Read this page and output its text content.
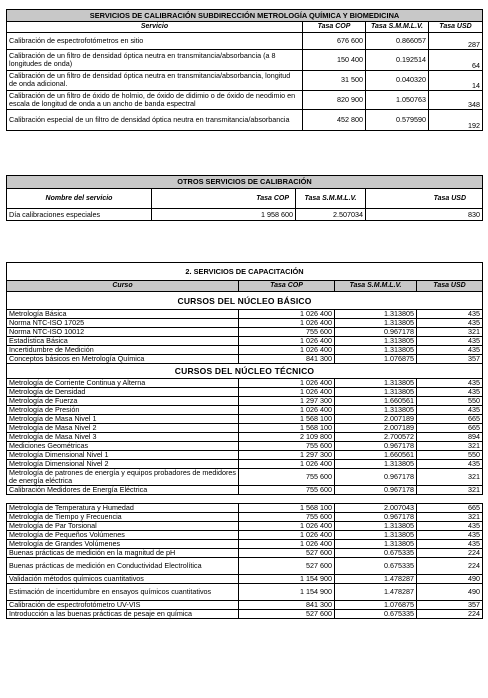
SERVICIOS DE CALIBRACIÓN SUBDIRECCIÓN METROLOGÍA QUÍMICA Y BIOMEDICINA			
Servicio	Tasa COP	Tasa S.M.M.L.V.	Tasa USD
Calibración de espectrofotómetros en sitio	676 600	0.866057	287
Calibración de un filtro de densidad óptica neutra en transmitancia/absorbancia (a 8 longitudes de onda)	150 400	0.192514	64
Calibración de un filtro de densidad óptica neutra en transmitancia/absorbancia, longitud de onda adicional.	31 500	0.040320	14
Calibración de un filtro de óxido de holmio, de óxido de didimio o de óxido de neodimio en escala de longitud de onda a un ancho de banda espectral	820 900	1.050763	348
Calibración especial de un filtro de densidad óptica neutra en transmitancia/absorbancia	452 800	0.579590	192
OTROS SERVICIOS DE CALIBRACIÓN			
Nombre del servicio	Tasa COP	Tasa S.M.M.L.V.	Tasa USD
Día calibraciones especiales	1 958 600	2.507034	830
2. SERVICIOS DE CAPACITACIÓN			
Curso	Tasa COP	Tasa S.M.M.L.V.	Tasa USD
CURSOS DEL NÚCLEO BÁSICO			
Metrología Básica	1 026 400	1.313805	435
Norma NTC-ISO 17025	1 026 400	1.313805	435
Norma NTC-ISO 10012	755 600	0.967178	321
Estadística Básica	1 026 400	1.313805	435
Incertidumbre de Medición	1 026 400	1.313805	435
Conceptos básicos en Metrología Química	841 300	1.076875	357
CURSOS DEL NÚCLEO TÉCNICO			
Metrología de Corriente Continua y Alterna	1 026 400	1.313805	435
Metrología de Densidad	1 026 400	1.313805	435
Metrología de Fuerza	1 297 300	1.660561	550
Metrología de Presión	1 026 400	1.313805	435
Metrología de Masa Nivel 1	1 568 100	2.007189	665
Metrología de Masa Nivel 2	1 568 100	2.007189	665
Metrología de Masa Nivel 3	2 109 800	2.700572	894
Mediciones Geométricas	755 600	0.967178	321
Metrología Dimensional Nivel 1	1 297 300	1.660561	550
Metrología Dimensional Nivel 2	1 026 400	1.313805	435
Metrología de patrones de energía y equipos probadores de medidores de energía eléctrica	755 600	0.967178	321
Calibración Medidores de Energía Eléctrica	755 600	0.967178	321

Metrología de Temperatura y Humedad	1 568 100	2.007043	665
Metrología de Tiempo y Frecuencia	755 600	0.967178	321
Metrología de Par Torsional	1 026 400	1.313805	435
Metrología de Pequeños Volúmenes	1 026 400	1.313805	435
Metrología de Grandes Volúmenes	1 026 400	1.313805	435
Buenas prácticas de medición en la magnitud de pH	527 600	0.675335	224
Buenas prácticas de medición en Conductividad Electrolítica	527 600	0.675335	224
Validación métodos químicos cuantitativos	1 154 900	1.478287	490
Estimación de incertidumbre en ensayos químicos cuantitativos	1 154 900	1.478287	490
Calibración de espectrofotómetro UV-VIS	841 300	1.076875	357
Introducción a las buenas prácticas de pesaje en química	527 600	0.675335	224
